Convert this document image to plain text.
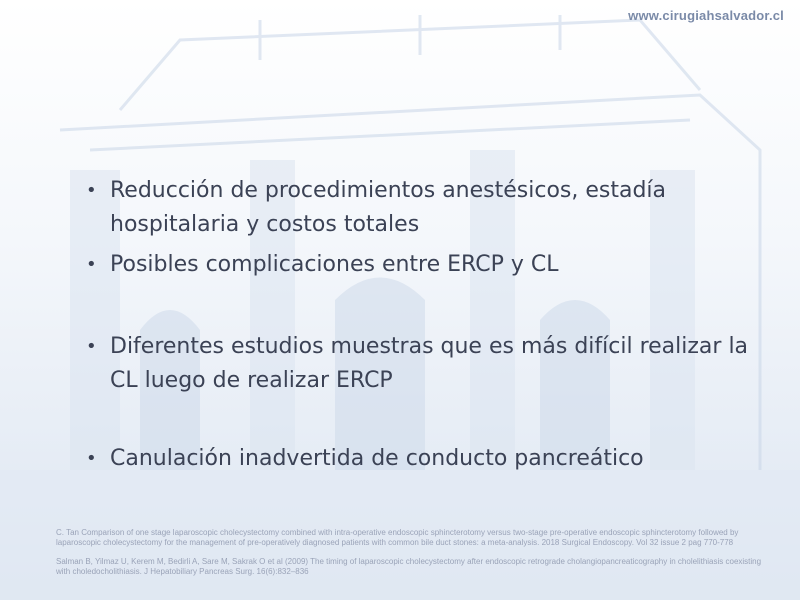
www.cirugiahsalvador.cl
• Reducción de procedimientos anestésicos, estadía hospitalaria y costos totales
• Posibles complicaciones entre ERCP y CL
• Diferentes estudios muestras que es más difícil realizar la CL luego de realizar ERCP
• Canulación inadvertida de conducto pancreático

C. Tan Comparison of one stage laparoscopic cholecystectomy combined with intra-operative endoscopic sphincterotomy versus two-stage pre-operative endoscopic sphincterotomy followed by laparoscopic cholecystectomy for the management of pre-operatively diagnosed patients with common bile duct stones: a meta-analysis. 2018 Surgical Endoscopy. Vol 32 issue 2 pag 770-778

Salman B, Yilmaz U, Kerem M, Bedirli A, Sare M, Sakrak O et al (2009) The timing of laparoscopic cholecystectomy after endoscopic retrograde cholangiopancreaticography in cholelithiasis coexisting with choledocholithiasis. J Hepatobiliary Pancreas Surg. 16(6):832–836
